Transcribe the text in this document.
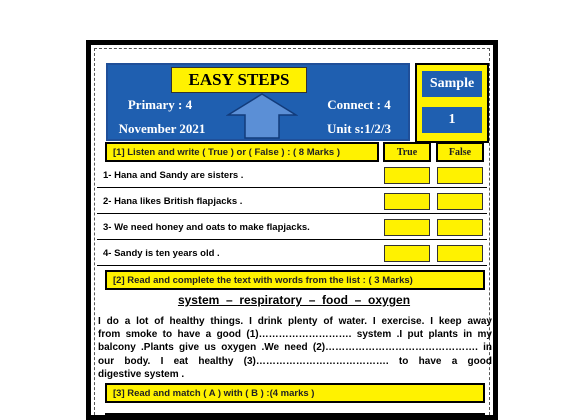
EASY STEPS
Primary : 4	Connect : 4
November 2021	Unit s:1/2/3
Sample
1
[1] Listen and write ( True ) or ( False ) : ( 8 Marks )	True	False
1- Hana and Sandy are sisters .
2- Hana likes British flapjacks .
3- We need honey and oats to make flapjacks.
4- Sandy is ten years old .
[2] Read and complete the text with words from the list : ( 3 Marks)
system  –  respiratory  –  food  –  oxygen
I do a lot of healthy things. I drink plenty of water. I exercise. I keep away
from smoke to have a good (1)………………………. system .I put plants in my
balcony .Plants give us oxygen .We need (2)………………………………………. in
our body. I eat healthy (3)…………………………………. to have a good
digestive system .
[3] Read and match ( A ) with ( B ) :(4 marks )
